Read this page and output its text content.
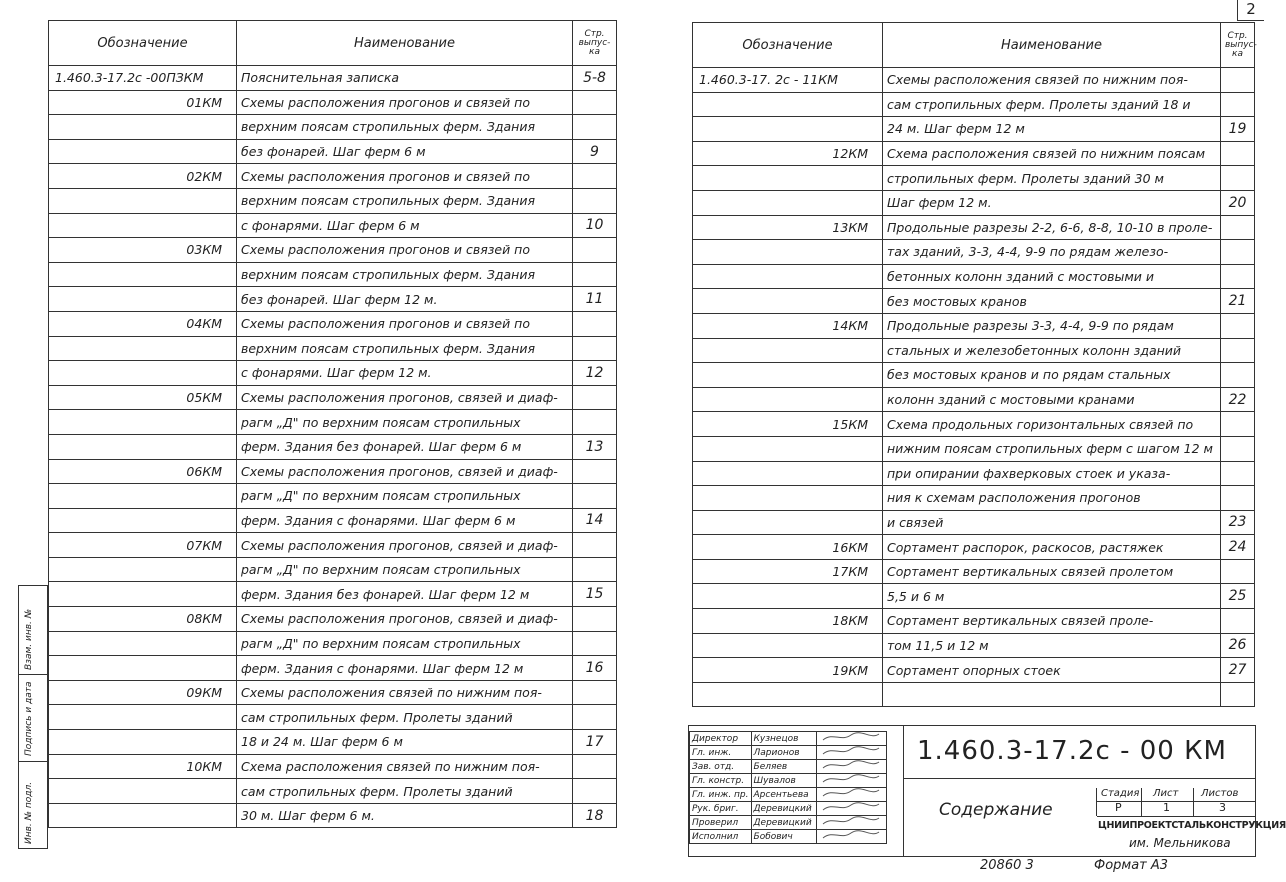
2
Обозначение	Наименование	Стр. выпус- ка
1.460.3-17.2с -00ПЗКМ	Пояснительная записка	5-8
01КМ	Схемы расположения прогонов и связей по	
	верхним поясам стропильных ферм. Здания	
	без фонарей. Шаг ферм 6 м	9
02КМ	Схемы расположения прогонов и связей по	
	верхним поясам стропильных ферм. Здания	
	с фонарями. Шаг ферм 6 м	10
03КМ	Схемы расположения прогонов и связей по	
	верхним поясам стропильных ферм. Здания	
	без фонарей. Шаг ферм 12 м.	11
04КМ	Схемы расположения прогонов и связей по	
	верхним поясам стропильных ферм. Здания	
	с фонарями. Шаг ферм 12 м.	12
05КМ	Схемы расположения прогонов, связей и диаф-	
	рагм „Д" по верхним поясам стропильных	
	ферм. Здания без фонарей. Шаг ферм 6 м	13
06КМ	Схемы расположения прогонов, связей и диаф-	
	рагм „Д" по верхним поясам стропильных	
	ферм. Здания с фонарями. Шаг ферм 6 м	14
07КМ	Схемы расположения прогонов, связей и диаф-	
	рагм „Д" по верхним поясам стропильных	
	ферм. Здания без фонарей. Шаг ферм 12 м	15
08КМ	Схемы расположения прогонов, связей и диаф-	
	рагм „Д" по верхним поясам стропильных	
	ферм. Здания с фонарями. Шаг ферм 12 м	16
09КМ	Схемы расположения связей по нижним поя-	
	сам стропильных ферм. Пролеты зданий	
	18 и 24 м. Шаг ферм 6 м	17
10КМ	Схема расположения связей по нижним поя-	
	сам стропильных ферм. Пролеты зданий	
	30 м. Шаг ферм 6 м.	18
Обозначение	Наименование	Стр. выпус- ка
1.460.3-17. 2с - 11КМ	Схемы расположения связей по нижним поя-	
	сам стропильных ферм. Пролеты зданий 18 и	
	24 м. Шаг ферм 12 м	19
12КМ	Схема расположения связей по нижним поясам	
	стропильных ферм. Пролеты зданий 30 м	
	Шаг ферм 12 м.	20
13КМ	Продольные разрезы 2-2, 6-6, 8-8, 10-10 в проле-	
	тах зданий, 3-3, 4-4, 9-9 по рядам железо-	
	бетонных колонн зданий с мостовыми и	
	без мостовых кранов	21
14КМ	Продольные разрезы 3-3, 4-4, 9-9 по рядам	
	стальных и железобетонных колонн зданий	
	без мостовых кранов и по рядам стальных	
	колонн зданий с мостовыми кранами	22
15КМ	Схема продольных горизонтальных связей по	
	нижним поясам стропильных ферм с шагом 12 м	
	при опирании фахверковых стоек и указа-	
	ния к схемам расположения прогонов	
	и связей	23
16КМ	Сортамент распорок, раскосов, растяжек	24
17КМ	Сортамент вертикальных связей пролетом	
	5,5 и 6 м	25
18КМ	Сортамент вертикальных связей проле-	
	том 11,5 и 12 м	26
19КМ	Сортамент опорных стоек	27

Инв. № подл.
Подпись и дата
Взам. инв. №
Директор	Кузнецов	
Гл. инж.	Ларионов	
Зав. отд.	Беляев	
Гл. констр.	Шувалов	
Гл. инж. пр.	Арсентьева	
Рук. бриг.	Деревицкий	
Проверил	Деревицкий	
Исполнил	Бобович	
1.460.3-17.2с - 00 КМ
Содержание
Стадия Лист Листов
Р	1	3
ЦНИИПРОЕКТСТАЛЬКОНСТРУКЦИЯ
им. Мельникова
20860 3	Формат А3
